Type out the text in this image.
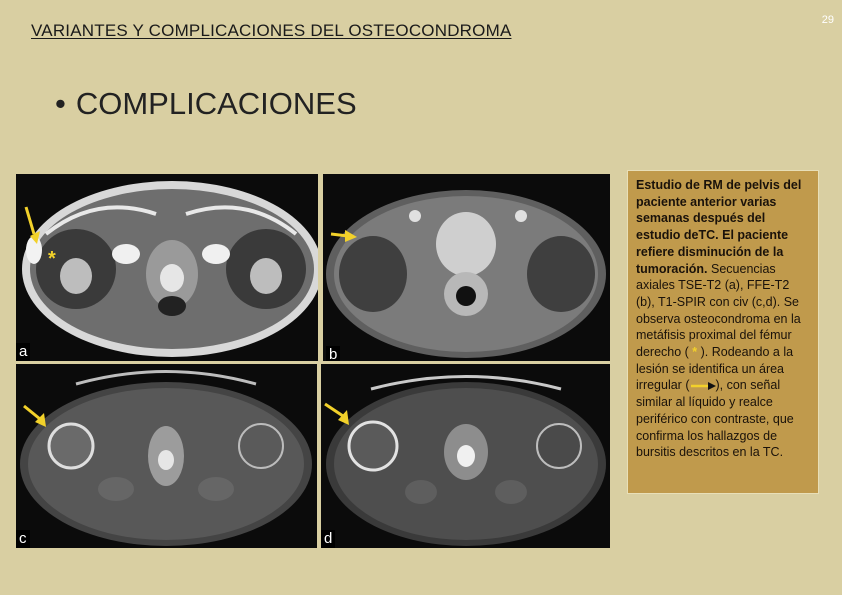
29
VARIANTES Y COMPLICACIONES DEL OSTEOCONDROMA
• COMPLICACIONES
*
a	b
c	d
Estudio de RM de pelvis del paciente anterior varias semanas después del estudio deTC. El paciente refiere disminución de la tumoración. Secuencias axiales TSE-T2 (a), FFE-T2 (b), T1-SPIR con civ (c,d). Se observa osteocondroma en la metáfisis proximal del fémur derecho ( * ). Rodeando a la lesión se identifica un área irregular ( ), con señal similar al líquido y realce periférico con contraste, que confirma los hallazgos de bursitis descritos en la TC.
